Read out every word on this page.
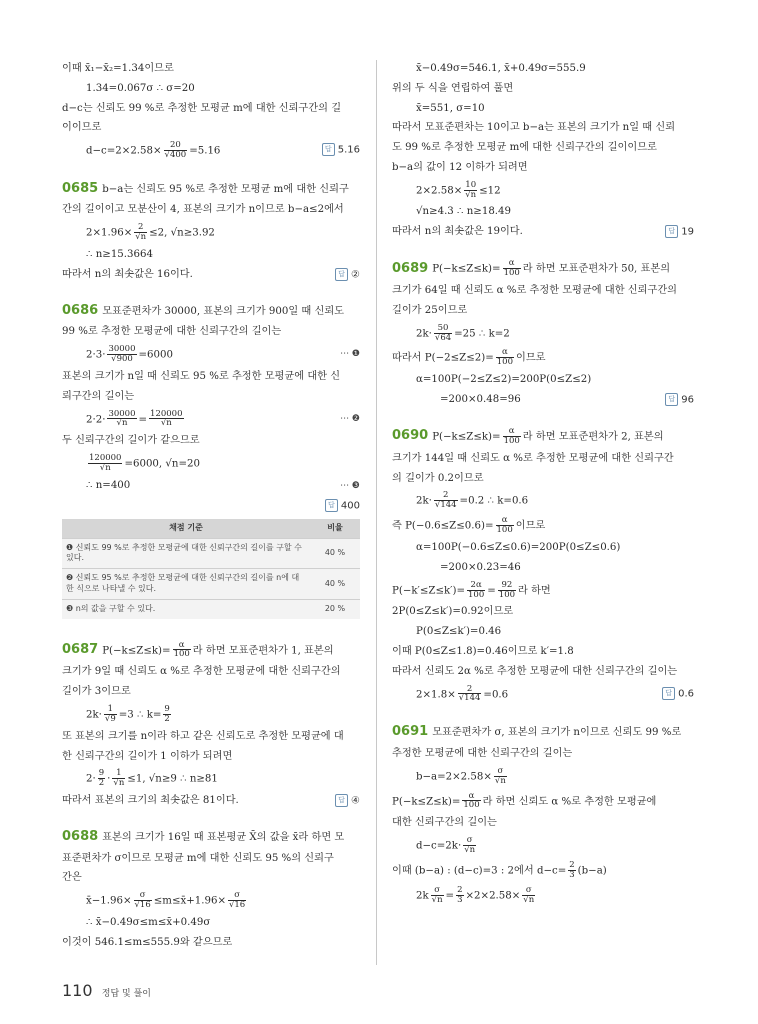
이때 x̄₁−x̄₂=1.34이므로
1.34=0.067σ ∴ σ=20
d−c는 신뢰도 99 %로 추정한 모평균 m에 대한 신뢰구간의 길
이이므로
$d-c=2\times 2.58\times \frac{20}{√400} =5.16$	답 5.16
0685 b−a는 신뢰도 95 %로 추정한 모평균 m에 대한 신뢰구
간의 길이이고 모분산이 4, 표본의 크기가 n이므로 b−a≤2에서
$2\times 1.96\times \frac{2}{√n} \le 2$, √n≥3.92
∴ n≥15.3664
따라서 n의 최솟값은 16이다.	답 ②
0686 모표준편차가 30000, 표본의 크기가 900일 때 신뢰도
99 %로 추정한 모평균에 대한 신뢰구간의 길이는
$2\cdot 3\cdot \frac{30000}{√900} =6000$	⋯ ❶
표본의 크기가 n일 때 신뢰도 95 %로 추정한 모평균에 대한 신
뢰구간의 길이는
$2\cdot 2\cdot \frac{30000}{√n} = \frac{120000}{√n}$	⋯ ❷
두 신뢰구간의 길이가 같으므로
$\frac{120000}{√n} =6000$, √n=20
∴ n=400	⋯ ❸
답 400
채점 기준	비율
❶ 신뢰도 99 %로 추정한 모평균에 대한 신뢰구간의 길이를 구할 수 있다.	40 %
❷ 신뢰도 95 %로 추정한 모평균에 대한 신뢰구간의 길이를 n에 대한 식으로 나타낼 수 있다.	40 %
❸ n의 값을 구할 수 있다.	20 %
0687 $P(-k\le Z\le k)= \frac{\alpha}{100}$ 라 하면 모표준편차가 1, 표본의
크기가 9일 때 신뢰도 α %로 추정한 모평균에 대한 신뢰구간의
길이가 3이므로
$2k\cdot \frac{1}{√9} =3$ ∴ $k= \frac{9}{2}$
또 표본의 크기를 n이라 하고 같은 신뢰도로 추정한 모평균에 대
한 신뢰구간의 길이가 1 이하가 되려면
$2\cdot \frac{9}{2} \cdot \frac{1}{√n} \le 1$, √n≥9 ∴ n≥81
따라서 표본의 크기의 최솟값은 81이다.	답 ④
0688 표본의 크기가 16일 때 표본평균 X̄의 값을 x̄라 하면 모
표준편차가 σ이므로 모평균 m에 대한 신뢰도 95 %의 신뢰구
간은
x̄−1.96× $\frac{\sigma}{√16}$ ≤m≤x̄+1.96× $\frac{\sigma}{√16}$
∴ x̄−0.49σ≤m≤x̄+0.49σ
이것이 546.1≤m≤555.9와 같으므로
x̄−0.49σ=546.1, x̄+0.49σ=555.9
위의 두 식을 연립하여 풀면
x̄=551, σ=10
따라서 모표준편차는 10이고 b−a는 표본의 크기가 n일 때 신뢰
도 99 %로 추정한 모평균 m에 대한 신뢰구간의 길이이므로
b−a의 값이 12 이하가 되려면
$2\times 2.58\times \frac{10}{√n} \le 12$
√n≥4.3 ∴ n≥18.49
따라서 n의 최솟값은 19이다.	답 19
0689 $P(-k\le Z\le k)= \frac{\alpha}{100}$ 라 하면 모표준편차가 50, 표본의
크기가 64일 때 신뢰도 α %로 추정한 모평균에 대한 신뢰구간의
길이가 25이므로
$2k\cdot \frac{50}{√64} =25$ ∴ k=2
따라서 $P(-2\le Z\le 2)= \frac{\alpha}{100}$ 이므로
α=100P(−2≤Z≤2)=200P(0≤Z≤2)
=200×0.48=96	답 96
0690 $P(-k\le Z\le k)= \frac{\alpha}{100}$ 라 하면 모표준편차가 2, 표본의
크기가 144일 때 신뢰도 α %로 추정한 모평균에 대한 신뢰구간
의 길이가 0.2이므로
$2k\cdot \frac{2}{√144} =0.2$ ∴ k=0.6
즉 $P(-0.6\le Z\le 0.6)= \frac{\alpha}{100}$ 이므로
α=100P(−0.6≤Z≤0.6)=200P(0≤Z≤0.6)
=200×0.23=46
$P(-k'\le Z\le k')= \frac{2\alpha}{100} = \frac{92}{100}$ 라 하면
2P(0≤Z≤k′)=0.92이므로
P(0≤Z≤k′)=0.46
이때 P(0≤Z≤1.8)=0.46이므로 k′=1.8
따라서 신뢰도 2α %로 추정한 모평균에 대한 신뢰구간의 길이는
$2\times 1.8\times \frac{2}{√144} =0.6$	답 0.6
0691 모표준편차가 σ, 표본의 크기가 n이므로 신뢰도 99 %로
추정한 모평균에 대한 신뢰구간의 길이는
$b-a=2\times 2.58\times \frac{\sigma}{√n}$
$P(-k\le Z\le k)= \frac{\alpha}{100}$ 라 하면 신뢰도 α %로 추정한 모평균에
대한 신뢰구간의 길이는
$d-c=2k\cdot \frac{\sigma}{√n}$
이때 (b−a) : (d−c)=3 : 2에서 $d-c= \frac{2}{3} (b-a)$
$2k \frac{\sigma}{√n} = \frac{2}{3} \times 2\times 2.58\times \frac{\sigma}{√n}$
110 정답 및 풀이
